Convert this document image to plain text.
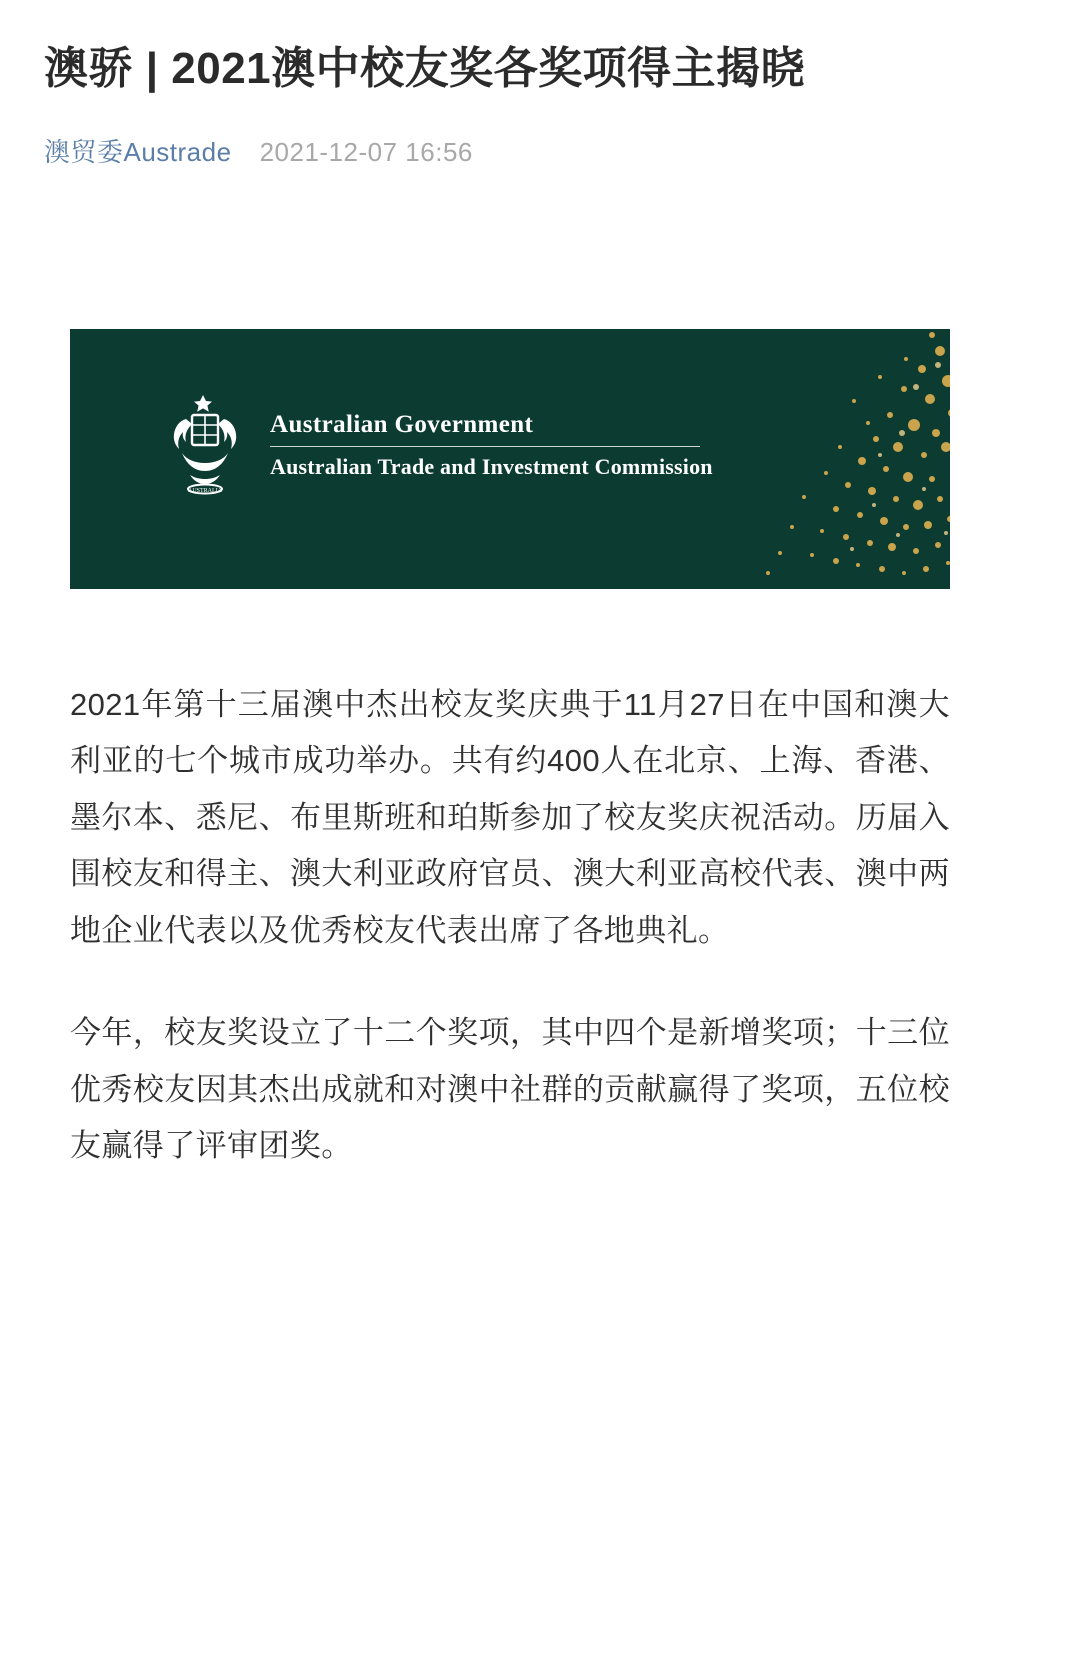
澳骄 | 2021澳中校友奖各奖项得主揭晓
澳贸委Austrade 2021-12-07 16:56
AUSTRALIA
Australian Government
Australian Trade and Investment Commission

2021年第十三届澳中杰出校友奖庆典于11月27日在中国和澳大利亚的七个城市成功举办。共有约400人在北京、上海、香港、墨尔本、悉尼、布里斯班和珀斯参加了校友奖庆祝活动。历届入围校友和得主、澳大利亚政府官员、澳大利亚高校代表、澳中两地企业代表以及优秀校友代表出席了各地典礼。

今年，校友奖设立了十二个奖项，其中四个是新增奖项；十三位优秀校友因其杰出成就和对澳中社群的贡献赢得了奖项，五位校友赢得了评审团奖。
